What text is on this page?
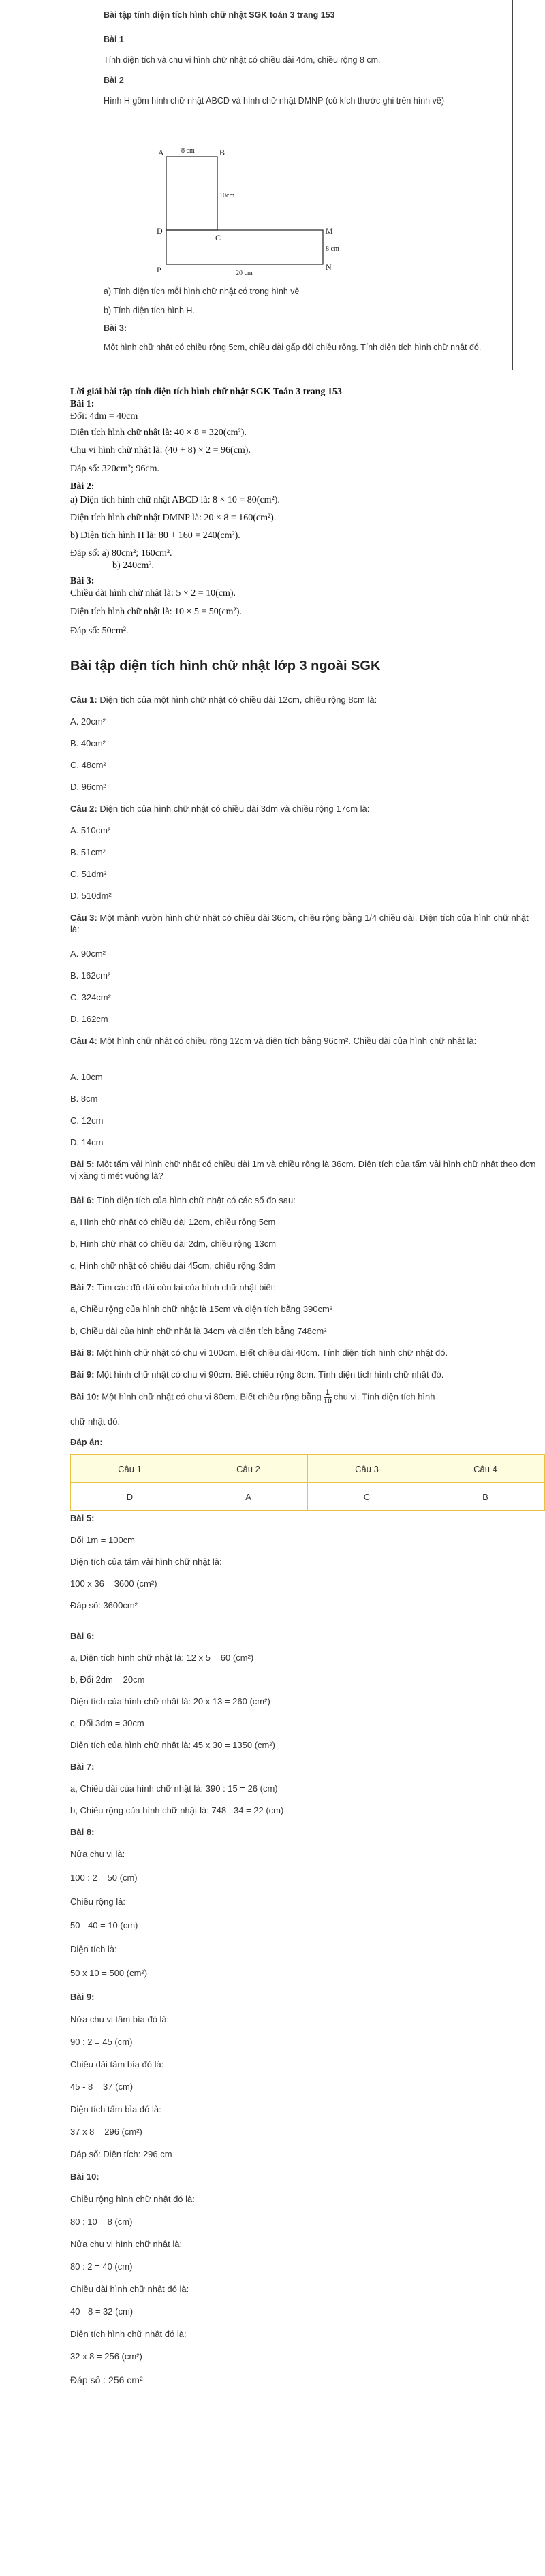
Bài tập tính diện tích hình chữ nhật SGK toán 3 trang 153
Bài 1
Tính diện tích và chu vi hình chữ nhật có chiều dài 4dm, chiều rộng 8 cm.
Bài 2
Hình H gồm hình chữ nhật ABCD và hình chữ nhật DMNP (có kích thước ghi trên hình vẽ)
A	B
C
D	M
N
P
8 cm
10cm
8 cm
20 cm
a) Tính diện tích mỗi hình chữ nhật có trong hình vẽ
b) Tính diện tích hình H.
Bài 3:
Một hình chữ nhật có chiều rộng 5cm, chiều dài gấp đôi chiều rộng. Tính diện tích hình chữ nhật đó.
Lời giải bài tập tính diện tích hình chữ nhật SGK Toán 3 trang 153
Bài 1:
Đổi: 4dm = 40cm
Diện tích hình chữ nhật là: 40 × 8 = 320(cm²).
Chu vi hình chữ nhật là: (40 + 8) × 2 = 96(cm).
Đáp số: 320cm²; 96cm.
Bài 2:
a) Diện tích hình chữ nhật ABCD là: 8 × 10 = 80(cm²).
Diện tích hình chữ nhật DMNP là: 20 × 8 = 160(cm²).
b) Diện tích hình H là: 80 + 160 = 240(cm²).
Đáp số: a) 80cm²; 160cm².
b) 240cm².
Bài 3:
Chiều dài hình chữ nhật là: 5 × 2 = 10(cm).
Diện tích hình chữ nhật là: 10 × 5 = 50(cm²).
Đáp số: 50cm².
Bài tập diện tích hình chữ nhật lớp 3 ngoài SGK
Câu 1: Diện tích của một hình chữ nhật có chiều dài 12cm, chiều rộng 8cm là:
A. 20cm²
B. 40cm²
C. 48cm²
D. 96cm²
Câu 2: Diện tích của hình chữ nhật có chiều dài 3dm và chiều rộng 17cm là:
A. 510cm²
B. 51cm²
C. 51dm²
D. 510dm²
Câu 3: Một mảnh vườn hình chữ nhật có chiều dài 36cm, chiều rộng bằng 1/4 chiều dài. Diện tích của hình chữ nhật là:
A. 90cm²
B. 162cm²
C. 324cm²
D. 162cm
Câu 4: Một hình chữ nhật có chiều rộng 12cm và diện tích bằng 96cm². Chiều dài của hình chữ nhật là:
A. 10cm
B. 8cm
C. 12cm
D. 14cm
Bài 5: Một tấm vải hình chữ nhật có chiều dài 1m và chiều rộng là 36cm. Diện tích của tấm vải hình chữ nhật theo đơn vị xăng ti mét vuông là?
Bài 6: Tính diện tích của hình chữ nhật có các số đo sau:
a, Hình chữ nhật có chiều dài 12cm, chiều rộng 5cm
b, Hình chữ nhật có chiều dài 2dm, chiều rộng 13cm
c, Hình chữ nhật có chiều dài 45cm, chiều rộng 3dm
Bài 7: Tìm các độ dài còn lại của hình chữ nhật biết:
a, Chiều rộng của hình chữ nhật là 15cm và diện tích bằng 390cm²
b, Chiều dài của hình chữ nhật là 34cm và diện tích bằng 748cm²
Bài 8: Một hình chữ nhật có chu vi 100cm. Biết chiều dài 40cm. Tính diện tích hình chữ nhật đó.
Bài 9: Một hình chữ nhật có chu vi 90cm. Biết chiều rộng 8cm. Tính diện tích hình chữ nhật đó.
Bài 10: Một hình chữ nhật có chu vi 80cm. Biết chiều rộng bằng $\frac{1}{10}$ chu vi. Tính diện tích hình
chữ nhật đó.
Đáp án:
Câu 1	Câu 2	Câu 3	Câu 4
D	A	C	B
Bài 5:
Đổi 1m = 100cm
Diện tích của tấm vải hình chữ nhật là:
100 x 36 = 3600 (cm²)
Đáp số: 3600cm²
Bài 6:
a, Diện tích hình chữ nhật là: 12 x 5 = 60 (cm²)
b, Đổi 2dm = 20cm
Diện tích của hình chữ nhật là: 20 x 13 = 260 (cm²)
c, Đổi 3dm = 30cm
Diện tích của hình chữ nhật là: 45 x 30 = 1350 (cm²)
Bài 7:
a, Chiều dài của hình chữ nhật là: 390 : 15 = 26 (cm)
b, Chiều rộng của hình chữ nhật là: 748 : 34 = 22 (cm)
Bài 8:
Nửa chu vi là:
100 : 2 = 50 (cm)
Chiều rộng là:
50 - 40 = 10 (cm)
Diện tích là:
50 x 10 = 500 (cm²)
Bài 9:
Nửa chu vi tấm bìa đó là:
90 : 2 = 45 (cm)
Chiều dài tấm bìa đó là:
45 - 8 = 37 (cm)
Diện tích tấm bìa đó là:
37 x 8 = 296 (cm²)
Đáp số: Diện tích: 296 cm
Bài 10:
Chiều rộng hình chữ nhật đó là:
80 : 10 = 8 (cm)
Nửa chu vi hình chữ nhật là:
80 : 2 = 40 (cm)
Chiều dài hình chữ nhật đó là:
40 - 8 = 32 (cm)
Diện tích hình chữ nhật đó là:
32 x 8 = 256 (cm²)
Đáp số : 256 cm²
